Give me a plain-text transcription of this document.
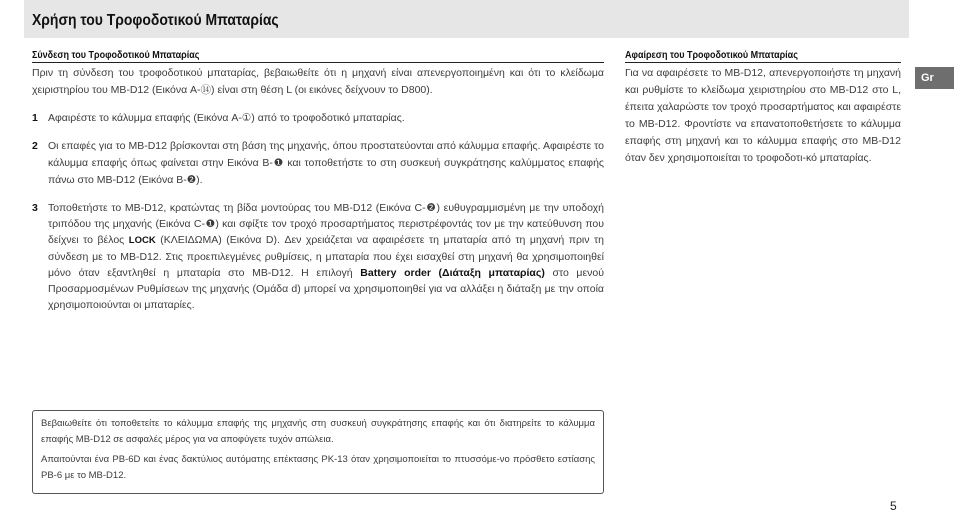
Χρήση του Τροφοδοτικού Μπαταρίας
Gr
Σύνδεση του Τροφοδοτικού Μπαταρίας

Πριν τη σύνδεση του τροφοδοτικού μπαταρίας, βεβαιωθείτε ότι η μηχανή είναι απενεργοποιημένη και ότι το κλείδωμα χειριστηρίου του MB-D12 (Εικόνα A-⑭) είναι στη θέση L (οι εικόνες δείχνουν το D800).

1 Αφαιρέστε το κάλυμμα επαφής (Εικόνα A-①) από το τροφοδοτικό μπαταρίας.

2 Οι επαφές για το MB-D12 βρίσκονται στη βάση της μηχανής, όπου προστατεύονται από κάλυμμα επαφής. Αφαιρέστε το κάλυμμα επαφής όπως φαίνεται στην Εικόνα B-❶ και τοποθετήστε το στη συσκευή συγκράτησης καλύμματος επαφής πάνω στο MB-D12 (Εικόνα B-❷).

3 Τοποθετήστε το MB-D12, κρατώντας τη βίδα μοντούρας του MB-D12 (Εικόνα C-❷) ευθυγραμμισμένη με την υποδοχή τριπόδου της μηχανής (Εικόνα C-❶) και σφίξτε τον τροχό προσαρτήματος περιστρέφοντάς τον με την κατεύθυνση που δείχνει το βέλος LOCK (ΚΛΕΙΔΩΜΑ) (Εικόνα D). Δεν χρειάζεται να αφαιρέσετε τη μπαταρία από τη μηχανή πριν τη σύνδεση με το MB-D12. Στις προεπιλεγμένες ρυθμίσεις, η μπαταρία που έχει εισαχθεί στη μηχανή θα χρησιμοποιηθεί μόνο όταν εξαντληθεί η μπαταρία στο MB-D12. Η επιλογή Battery order (Διάταξη μπαταρίας) στο μενού Προσαρμοσμένων Ρυθμίσεων της μηχανής (Ομάδα d) μπορεί να χρησιμοποιηθεί για να αλλάξει η διάταξη με την οποία χρησιμοποιούνται οι μπαταρίες.

Αφαίρεση του Τροφοδοτικού Μπαταρίας

Για να αφαιρέσετε το MB-D12, απενεργοποιήστε τη μηχανή και ρυθμίστε το κλείδωμα χειριστηρίου στο MB-D12 στο L, έπειτα χαλαρώστε τον τροχό προσαρτήματος και αφαιρέστε το MB-D12. Φροντίστε να επανατοποθετήσετε το κάλυμμα επαφής στη μηχανή και το κάλυμμα επαφής στο MB-D12 όταν δεν χρησιμοποιείται το τροφοδοτι-κό μπαταρίας.

Βεβαιωθείτε ότι τοποθετείτε το κάλυμμα επαφής της μηχανής στη συσκευή συγκράτησης επαφής και ότι διατηρείτε το κάλυμμα επαφής MB-D12 σε ασφαλές μέρος για να αποφύγετε τυχόν απώλεια.

Απαιτούνται ένα PB-6D και ένας δακτύλιος αυτόματης επέκτασης PK-13 όταν χρησιμοποιείται το πτυσσόμε-νο πρόσθετο εστίασης PB-6 με το MB-D12.

5
